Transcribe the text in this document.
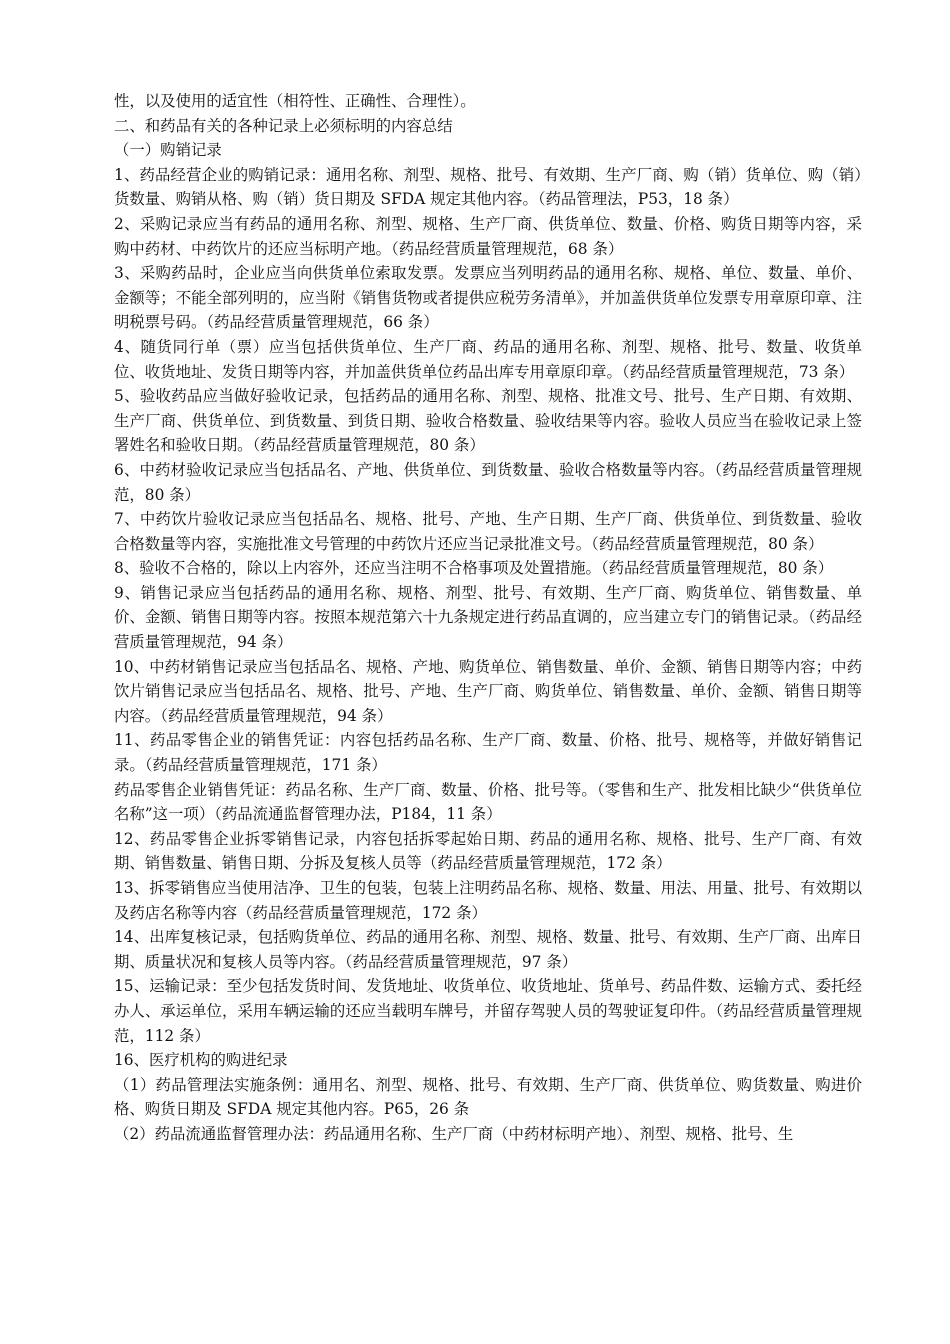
性，以及使用的适宜性（相符性、正确性、合理性）。

二、和药品有关的各种记录上必须标明的内容总结

（一）购销记录

1、药品经营企业的购销记录：通用名称、剂型、规格、批号、有效期、生产厂商、购（销）货单位、购（销）货数量、购销从格、购（销）货日期及 SFDA 规定其他内容。（药品管理法，P53，18 条）

2、采购记录应当有药品的通用名称、剂型、规格、生产厂商、供货单位、数量、价格、购货日期等内容，采购中药材、中药饮片的还应当标明产地。（药品经营质量管理规范，68 条）

3、采购药品时，企业应当向供货单位索取发票。发票应当列明药品的通用名称、规格、单位、数量、单价、金额等；不能全部列明的，应当附《销售货物或者提供应税劳务清单》，并加盖供货单位发票专用章原印章、注明税票号码。（药品经营质量管理规范，66 条）

4、随货同行单（票）应当包括供货单位、生产厂商、药品的通用名称、剂型、规格、批号、数量、收货单位、收货地址、发货日期等内容，并加盖供货单位药品出库专用章原印章。（药品经营质量管理规范，73 条）

5、验收药品应当做好验收记录，包括药品的通用名称、剂型、规格、批准文号、批号、生产日期、有效期、生产厂商、供货单位、到货数量、到货日期、验收合格数量、验收结果等内容。验收人员应当在验收记录上签署姓名和验收日期。（药品经营质量管理规范，80 条）

6、中药材验收记录应当包括品名、产地、供货单位、到货数量、验收合格数量等内容。（药品经营质量管理规范，80 条）

7、中药饮片验收记录应当包括品名、规格、批号、产地、生产日期、生产厂商、供货单位、到货数量、验收合格数量等内容，实施批准文号管理的中药饮片还应当记录批准文号。（药品经营质量管理规范，80 条）

8、验收不合格的，除以上内容外，还应当注明不合格事项及处置措施。（药品经营质量管理规范，80 条）

9、销售记录应当包括药品的通用名称、规格、剂型、批号、有效期、生产厂商、购货单位、销售数量、单价、金额、销售日期等内容。按照本规范第六十九条规定进行药品直调的，应当建立专门的销售记录。（药品经营质量管理规范，94 条）

10、中药材销售记录应当包括品名、规格、产地、购货单位、销售数量、单价、金额、销售日期等内容；中药饮片销售记录应当包括品名、规格、批号、产地、生产厂商、购货单位、销售数量、单价、金额、销售日期等内容。（药品经营质量管理规范，94 条）

11、药品零售企业的销售凭证：内容包括药品名称、生产厂商、数量、价格、批号、规格等，并做好销售记录。（药品经营质量管理规范，171 条）

药品零售企业销售凭证：药品名称、生产厂商、数量、价格、批号等。（零售和生产、批发相比缺少“供货单位名称”这一项）（药品流通监督管理办法，P184，11 条）

12、药品零售企业拆零销售记录，内容包括拆零起始日期、药品的通用名称、规格、批号、生产厂商、有效期、销售数量、销售日期、分拆及复核人员等（药品经营质量管理规范，172 条）

13、拆零销售应当使用洁净、卫生的包装，包装上注明药品名称、规格、数量、用法、用量、批号、有效期以及药店名称等内容（药品经营质量管理规范，172 条）

14、出库复核记录，包括购货单位、药品的通用名称、剂型、规格、数量、批号、有效期、生产厂商、出库日期、质量状况和复核人员等内容。（药品经营质量管理规范，97 条）

15、运输记录：至少包括发货时间、发货地址、收货单位、收货地址、货单号、药品件数、运输方式、委托经办人、承运单位，采用车辆运输的还应当载明车牌号，并留存驾驶人员的驾驶证复印件。（药品经营质量管理规范，112 条）

16、医疗机构的购进纪录

（1）药品管理法实施条例：通用名、剂型、规格、批号、有效期、生产厂商、供货单位、购货数量、购进价格、购货日期及 SFDA 规定其他内容。P65，26 条

（2）药品流通监督管理办法：药品通用名称、生产厂商（中药材标明产地）、剂型、规格、批号、生
